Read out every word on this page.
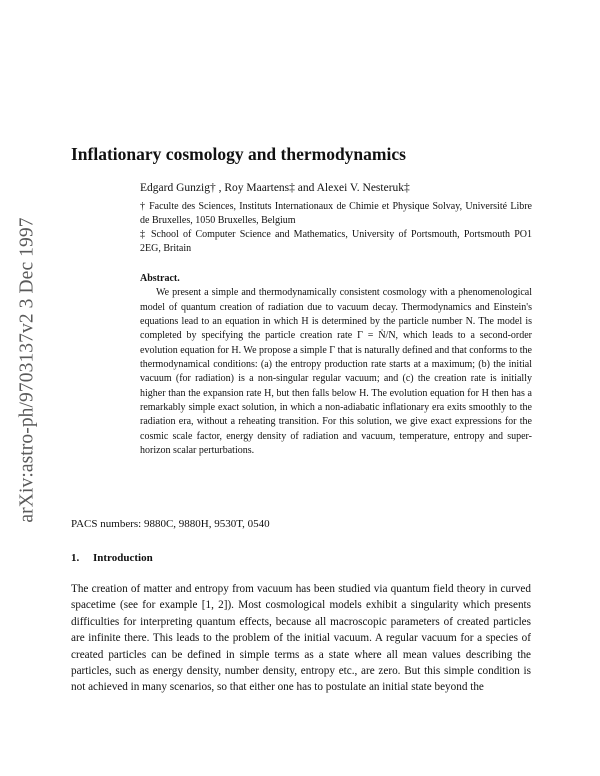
arXiv:astro-ph/9703137v2 3 Dec 1997
Inflationary cosmology and thermodynamics
Edgard Gunzig† , Roy Maartens‡ and Alexei V. Nesteruk‡
† Faculte des Sciences, Instituts Internationaux de Chimie et Physique Solvay, Université Libre de Bruxelles, 1050 Bruxelles, Belgium
‡ School of Computer Science and Mathematics, University of Portsmouth, Portsmouth PO1 2EG, Britain

Abstract.

We present a simple and thermodynamically consistent cosmology with a phenomenological model of quantum creation of radiation due to vacuum decay. Thermodynamics and Einstein's equations lead to an equation in which H is determined by the particle number N. The model is completed by specifying the particle creation rate Γ = Ṅ/N, which leads to a second-order evolution equation for H. We propose a simple Γ that is naturally defined and that conforms to the thermodynamical conditions: (a) the entropy production rate starts at a maximum; (b) the initial vacuum (for radiation) is a non-singular regular vacuum; and (c) the creation rate is initially higher than the expansion rate H, but then falls below H. The evolution equation for H then has a remarkably simple exact solution, in which a non-adiabatic inflationary era exits smoothly to the radiation era, without a reheating transition. For this solution, we give exact expressions for the cosmic scale factor, energy density of radiation and vacuum, temperature, entropy and super-horizon scalar perturbations.

PACS numbers: 9880C, 9880H, 9530T, 0540
1. Introduction

The creation of matter and entropy from vacuum has been studied via quantum field theory in curved spacetime (see for example [1, 2]). Most cosmological models exhibit a singularity which presents difficulties for interpreting quantum effects, because all macroscopic parameters of created particles are infinite there. This leads to the problem of the initial vacuum. A regular vacuum for a species of created particles can be defined in simple terms as a state where all mean values describing the particles, such as energy density, number density, entropy etc., are zero. But this simple condition is not achieved in many scenarios, so that either one has to postulate an initial state beyond the
